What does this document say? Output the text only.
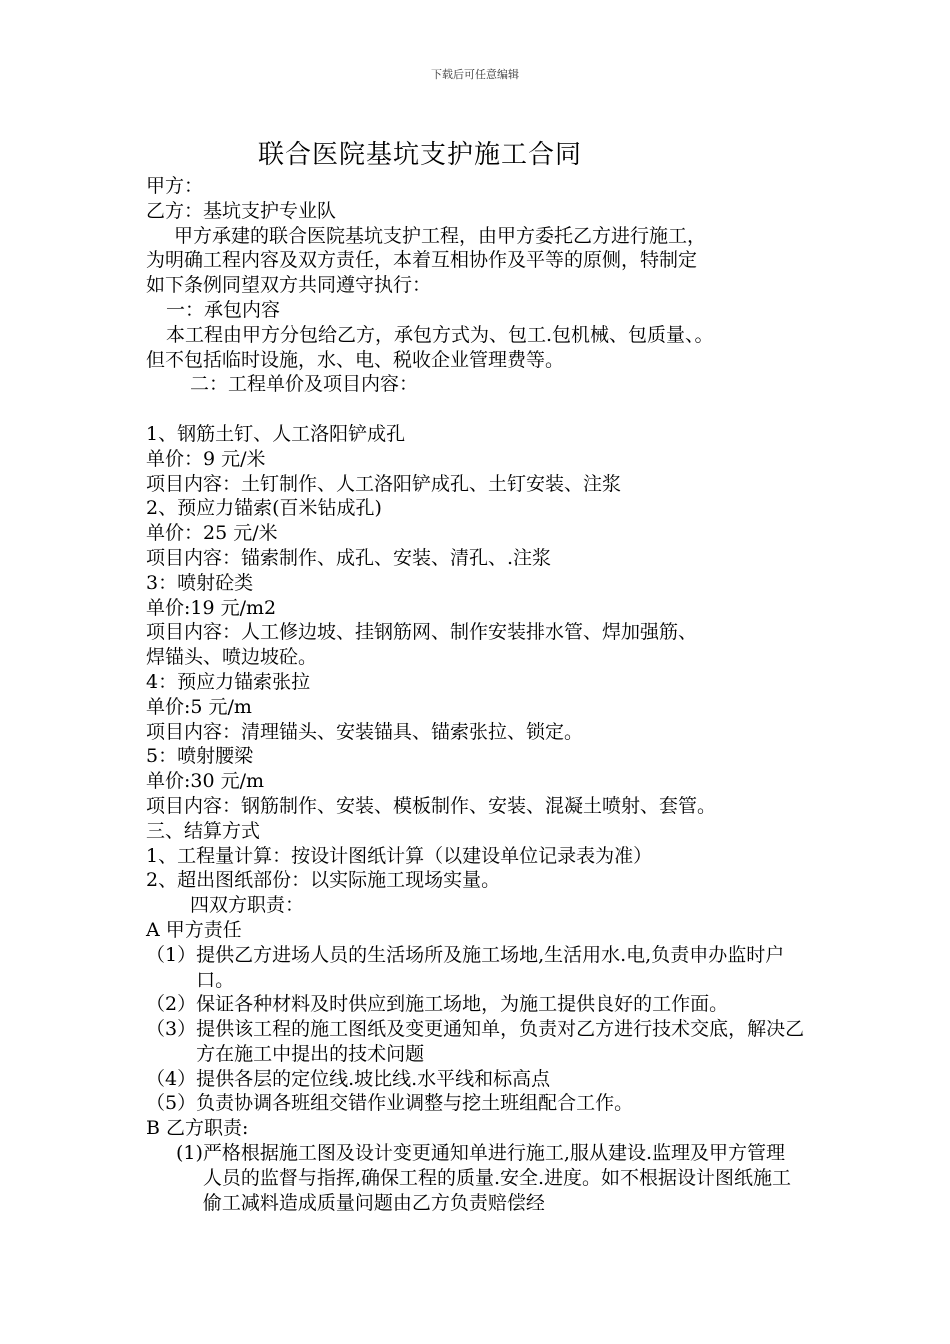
下载后可任意编辑
联合医院基坑支护施工合同
甲方：
乙方：基坑支护专业队
甲方承建的联合医院基坑支护工程，由甲方委托乙方进行施工，
为明确工程内容及双方责任，本着互相协作及平等的原侧，特制定
如下条例同望双方共同遵守执行：
一：承包内容
本工程由甲方分包给乙方，承包方式为、包工.包机械、包质量、。
但不包括临时设施，水、电、税收企业管理费等。
二：工程单价及项目内容：
1、钢筋土钉、人工洛阳铲成孔
单价：9 元/米
项目内容：土钉制作、人工洛阳铲成孔、土钉安装、注浆
2、预应力锚索(百米钻成孔)
单价：25 元/米
项目内容：锚索制作、成孔、安装、清孔、.注浆
3：喷射砼类
单价:19 元/m2
项目内容：人工修边坡、挂钢筋网、制作安装排水管、焊加强筋、
焊锚头、喷边坡砼。
4：预应力锚索张拉
单价:5 元/m
项目内容：清理锚头、安装锚具、锚索张拉、锁定。
5：喷射腰梁
单价:30 元/m
项目内容：钢筋制作、安装、模板制作、安装、混凝土喷射、套管。
三、结算方式
1、工程量计算：按设计图纸计算（以建设单位记录表为准）
2、超出图纸部份：以实际施工现场实量。
四双方职责：
A 甲方责任
（1） 提供乙方进场人员的生活场所及施工场地,生活用水.电,负责申办监时户口。
（2） 保证各种材料及时供应到施工场地，为施工提供良好的工作面。
（3） 提供该工程的施工图纸及变更通知单，负责对乙方进行技术交底，解决乙方在施工中提出的技术问题
（4） 提供各层的定位线.坡比线.水平线和标高点
（5） 负责协调各班组交错作业调整与挖土班组配合工作。
B 乙方职责:
(1) 严格根据施工图及设计变更通知单进行施工,服从建设.监理及甲方管理人员的监督与指挥,确保工程的质量.安全.进度。如不根据设计图纸施工偷工减料造成质量问题由乙方负责赔偿经
